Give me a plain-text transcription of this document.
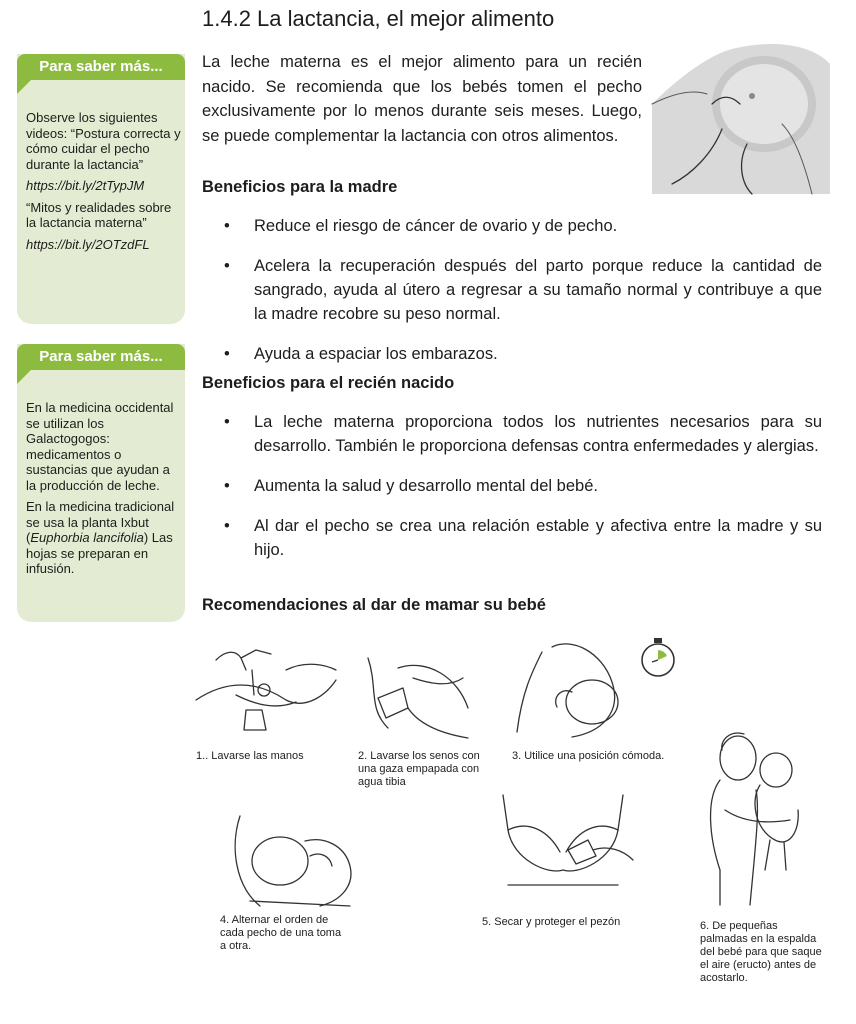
1.4.2 La lactancia, el mejor alimento

La leche materna es el mejor alimento para un recién nacido. Se recomienda que los bebés tomen el pecho exclusivamente por lo menos durante seis meses. Luego, se puede complementar la lactancia con otros alimentos.

Para saber más...

Observe los siguientes videos: “Postura correcta y cómo cuidar el pecho durante la lactancia”

https://bit.ly/2tTypJM

“Mitos y realidades sobre la lactancia materna”

https://bit.ly/2OTzdFL

Para saber más...

En la medicina occidental se utilizan los Galactogogos: medicamentos o sustancias que ayudan a la producción de leche.

En la medicina tradicional se usa la planta Ixbut (Euphorbia lancifolia) Las hojas se preparan en infusión.

Beneficios para la madre
• Reduce el riesgo de cáncer de ovario y de pecho.
• Acelera la recuperación después del parto porque reduce la cantidad de sangrado, ayuda al útero a regresar a su tamaño normal y contribuye a que la madre recobre su peso normal.
• Ayuda a espaciar los embarazos.
Beneficios para el recién nacido
• La leche materna proporciona todos los nutrientes necesarios para su desarrollo. También le proporciona defensas contra enfermedades y alergias.
• Aumenta la salud y desarrollo mental del bebé.
• Al dar el pecho se crea una relación estable y afectiva entre la madre y su hijo.
Recomendaciones al dar de mamar su bebé
1.. Lavarse las manos	2. Lavarse los senos con una gaza empapada con agua tibia
3. Utilice una posición cómoda.
4. Alternar el orden de cada pecho de una toma a otra.
5. Secar y proteger el pezón	6. De pequeñas palmadas en la espalda del bebé para que saque el aire (eructo) antes de acostarlo.
